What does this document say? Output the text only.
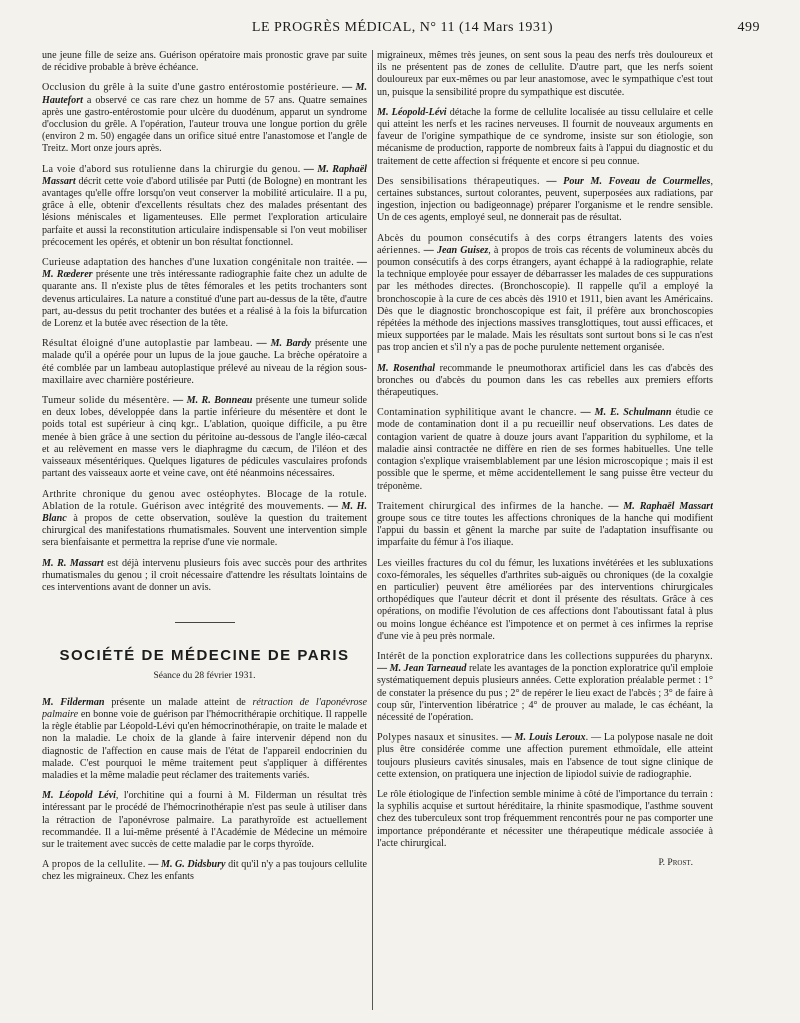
LE PROGRÈS MÉDICAL, N° 11 (14 Mars 1931)	499

une jeune fille de seize ans. Guérison opératoire mais pronostic grave par suite de récidive probable à brève échéance.

Occlusion du grêle à la suite d'une gastro entérostomie postérieure. — M. Hautefort a observé ce cas rare chez un homme de 57 ans. Quatre semaines après une gastro-entérostomie pour ulcère du duodénum, apparut un syndrome d'occlusion du grêle. A l'opération, l'auteur trouva une longue portion du grêle (environ 2 m. 50) engagée dans un orifice situé entre l'anastomose et l'angle de Treitz. Mort onze jours après.

La voie d'abord sus rotulienne dans la chirurgie du genou. — M. Raphaël Massart décrit cette voie d'abord utilisée par Putti (de Bologne) en montrant les avantages qu'elle offre lorsqu'on veut conserver la mobilité articulaire. Il a pu, grâce à elle, obtenir d'excellents résultats chez des malades présentant des lésions méniscales et ligamenteuses. Elle permet l'exploration articulaire parfaite et aussi la reconstitution articulaire indispensable si l'on veut mobiliser précocement les opérés, et obtenir un bon résultat fonctionnel.

Curieuse adaptation des hanches d'une luxation congénitale non traitée. — M. Rœderer présente une très intéressante radiographie faite chez un adulte de quarante ans. Il n'existe plus de têtes fémorales et les petits trochanters sont devenus articulaires. La nature a constitué d'une part au-dessus de la tête, d'autre part, au-dessus du petit trochanter des butées et a réalisé à la fois la bifurcation de Lorenz et la butée avec résection de la tête.

Résultat éloigné d'une autoplastie par lambeau. — M. Bardy présente une malade qu'il a opérée pour un lupus de la joue gauche. La brèche opératoire a été comblée par un lambeau autoplastique prélevé au niveau de la région sous-maxillaire avec charnière postérieure.

Tumeur solide du mésentère. — M. R. Bonneau présente une tumeur solide en deux lobes, développée dans la partie inférieure du mésentère et dont le poids total est supérieur à cinq kgr.. L'ablation, quoique difficile, a pu être menée à bien grâce à une section du péritoine au-dessous de l'angle iléo-cæcal et au relèvement en masse vers le diaphragme du cæcum, de l'iléon et des vaisseaux mésentériques. Quelques ligatures de pédicules vasculaires profonds partant des vaisseaux aorte et veine cave, ont été néanmoins nécessaires.

Arthrite chronique du genou avec ostéophytes. Blocage de la rotule. Ablation de la rotule. Guérison avec intégrité des mouvements. — M. H. Blanc à propos de cette observation, soulève la question du traitement chirurgical des manifestations rhumatismales. Souvent une intervention simple sera bienfaisante et permettra la reprise d'une vie normale.

M. R. Massart est déjà intervenu plusieurs fois avec succès pour des arthrites rhumatismales du genou ; il croit nécessaire d'attendre les résultats lointains de ces interventions avant de donner un avis.

SOCIÉTÉ DE MÉDECINE DE PARIS
Séance du 28 février 1931.

M. Filderman présente un malade atteint de rétraction de l'aponévrose palmaire en bonne voie de guérison par l'hémocrithérapie orchitique. Il rappelle la règle établie par Léopold-Lévi qu'en hémocrinothérapie, on traite le malade et non la maladie. Le choix de la glande à faire intervenir dépend non du diagnostic de l'affection en cause mais de l'état de l'appareil endocrinien du malade. C'est pourquoi le même traitement peut s'appliquer à différentes maladies et la même maladie peut réclamer des traitements variés.

M. Léopold Lévi, l'orchitine qui a fourni à M. Filderman un résultat très intéressant par le procédé de l'hémocrinothérapie n'est pas seule à utiliser dans la rétraction de l'aponévrose palmaire. La parathyroïde est actuellement recommandée. Il a lui-même présenté à l'Académie de Médecine un mémoire sur le traitement avec succès de cette maladie par le corps thyroïde.

A propos de la cellulite. — M. G. Didsbury dit qu'il n'y a pas toujours cellulite chez les migraineux. Chez les enfants

migraineux, mêmes très jeunes, on sent sous la peau des nerfs très douloureux et ils ne présentent pas de zones de cellulite. D'autre part, que les nerfs soient douloureux par eux-mêmes ou par leur anastomose, avec le sympathique c'est tout un, puisque la sensibilité propre du sympathique est discutée.

M. Léopold-Lévi détache la forme de cellulite localisée au tissu cellulaire et celle qui atteint les nerfs et les racines nerveuses. Il fournit de nouveaux arguments en faveur de l'origine sympathique de ce syndrome, insiste sur son étiologie, son mécanisme de production, rapporte de nombreux faits à l'appui du diagnostic et du traitement de cette affection si fréquente et encore si peu connue.

Des sensibilisations thérapeutiques. — Pour M. Foveau de Courmelles, certaines substances, surtout colorantes, peuvent, superposées aux radiations, par ingestion, injection ou badigeonnage) préparer l'organisme et le rendre sensible. Un de ces agents, employé seul, ne donnerait pas de résultat.

Abcès du poumon consécutifs à des corps étrangers latents des voies aériennes. — Jean Guisez, à propos de trois cas récents de volumineux abcès du poumon consécutifs à des corps étrangers, ayant échappé à la radiographie, relate la technique employée pour essayer de débarrasser les malades de ces suppurations par les méthodes directes. (Bronchoscopie). Il rappelle qu'il a employé la bronchoscopie à la cure de ces abcès dès 1910 et 1911, bien avant les Américains. Dès que le diagnostic bronchoscopique est fait, il préfère aux bronchoscopies répétées la méthode des injections massives transglottiques, tout aussi efficaces, et mieux supportées par le malade. Mais les résultats sont surtout bons si le cas n'est pas trop ancien et s'il n'y a pas de poche purulente nettement organisée.

M. Rosenthal recommande le pneumothorax artificiel dans les cas d'abcès des bronches ou d'abcès du poumon dans les cas rebelles aux premiers efforts thérapeutiques.

Contamination syphilitique avant le chancre. — M. E. Schulmann étudie ce mode de contamination dont il a pu recueillir neuf observations. Les dates de contagion varient de quatre à douze jours avant l'apparition du syphilome, et la maladie ainsi contractée ne diffère en rien de ses formes habituelles. Une telle contagion s'explique vraisemblablement par une lésion microscopique ; mais il est possible que le sperme, et même accidentellement le sang puisse être vecteur du tréponème.

Traitement chirurgical des infirmes de la hanche. — M. Raphaël Massart groupe sous ce titre toutes les affections chroniques de la hanche qui modifient l'appui du bassin et gênent la marche par suite de l'adaptation insuffisante ou imparfaite du fémur à l'os iliaque.

Les vieilles fractures du col du fémur, les luxations invétérées et les subluxations coxo-fémorales, les séquelles d'arthrites sub-aiguës ou chroniques (de la coxalgie en particulier) peuvent être améliorées par des interventions chirurgicales orthopédiques que l'auteur décrit et dont il présente des résultats. Grâce à ces opérations, on modifie l'évolution de ces affections dont l'aboutissant fatal à plus ou moins longue échéance est l'impotence et on permet à ces infirmes la reprise d'une vie à peu près normale.

Intérêt de la ponction exploratrice dans les collections suppurées du pharynx. — M. Jean Tarneaud relate les avantages de la ponction exploratrice qu'il emploie systématiquement depuis plusieurs années. Cette exploration préalable permet : 1° de constater la présence du pus ; 2° de repérer le lieu exact de l'abcès ; 3° de faire à coup sûr, l'intervention libératrice ; 4° de prouver au malade, le cas échéant, la nécessité de l'opération.

Polypes nasaux et sinusites. — M. Louis Leroux. — La polypose nasale ne doit plus être considérée comme une affection purement ethmoïdale, elle atteint toujours plusieurs cavités sinusales, mais en l'absence de tout signe clinique de cette extension, on pratiquera une injection de lipiodol suivie de radiographie.

Le rôle étiologique de l'infection semble minime à côté de l'importance du terrain : la syphilis acquise et surtout héréditaire, la rhinite spasmodique, l'asthme souvent chez des tuberculeux sont trop fréquemment rencontrés pour ne pas comporter une importance prépondérante et nécessiter une thérapeutique médicale associée à l'acte chirurgical.

P. Prost.
